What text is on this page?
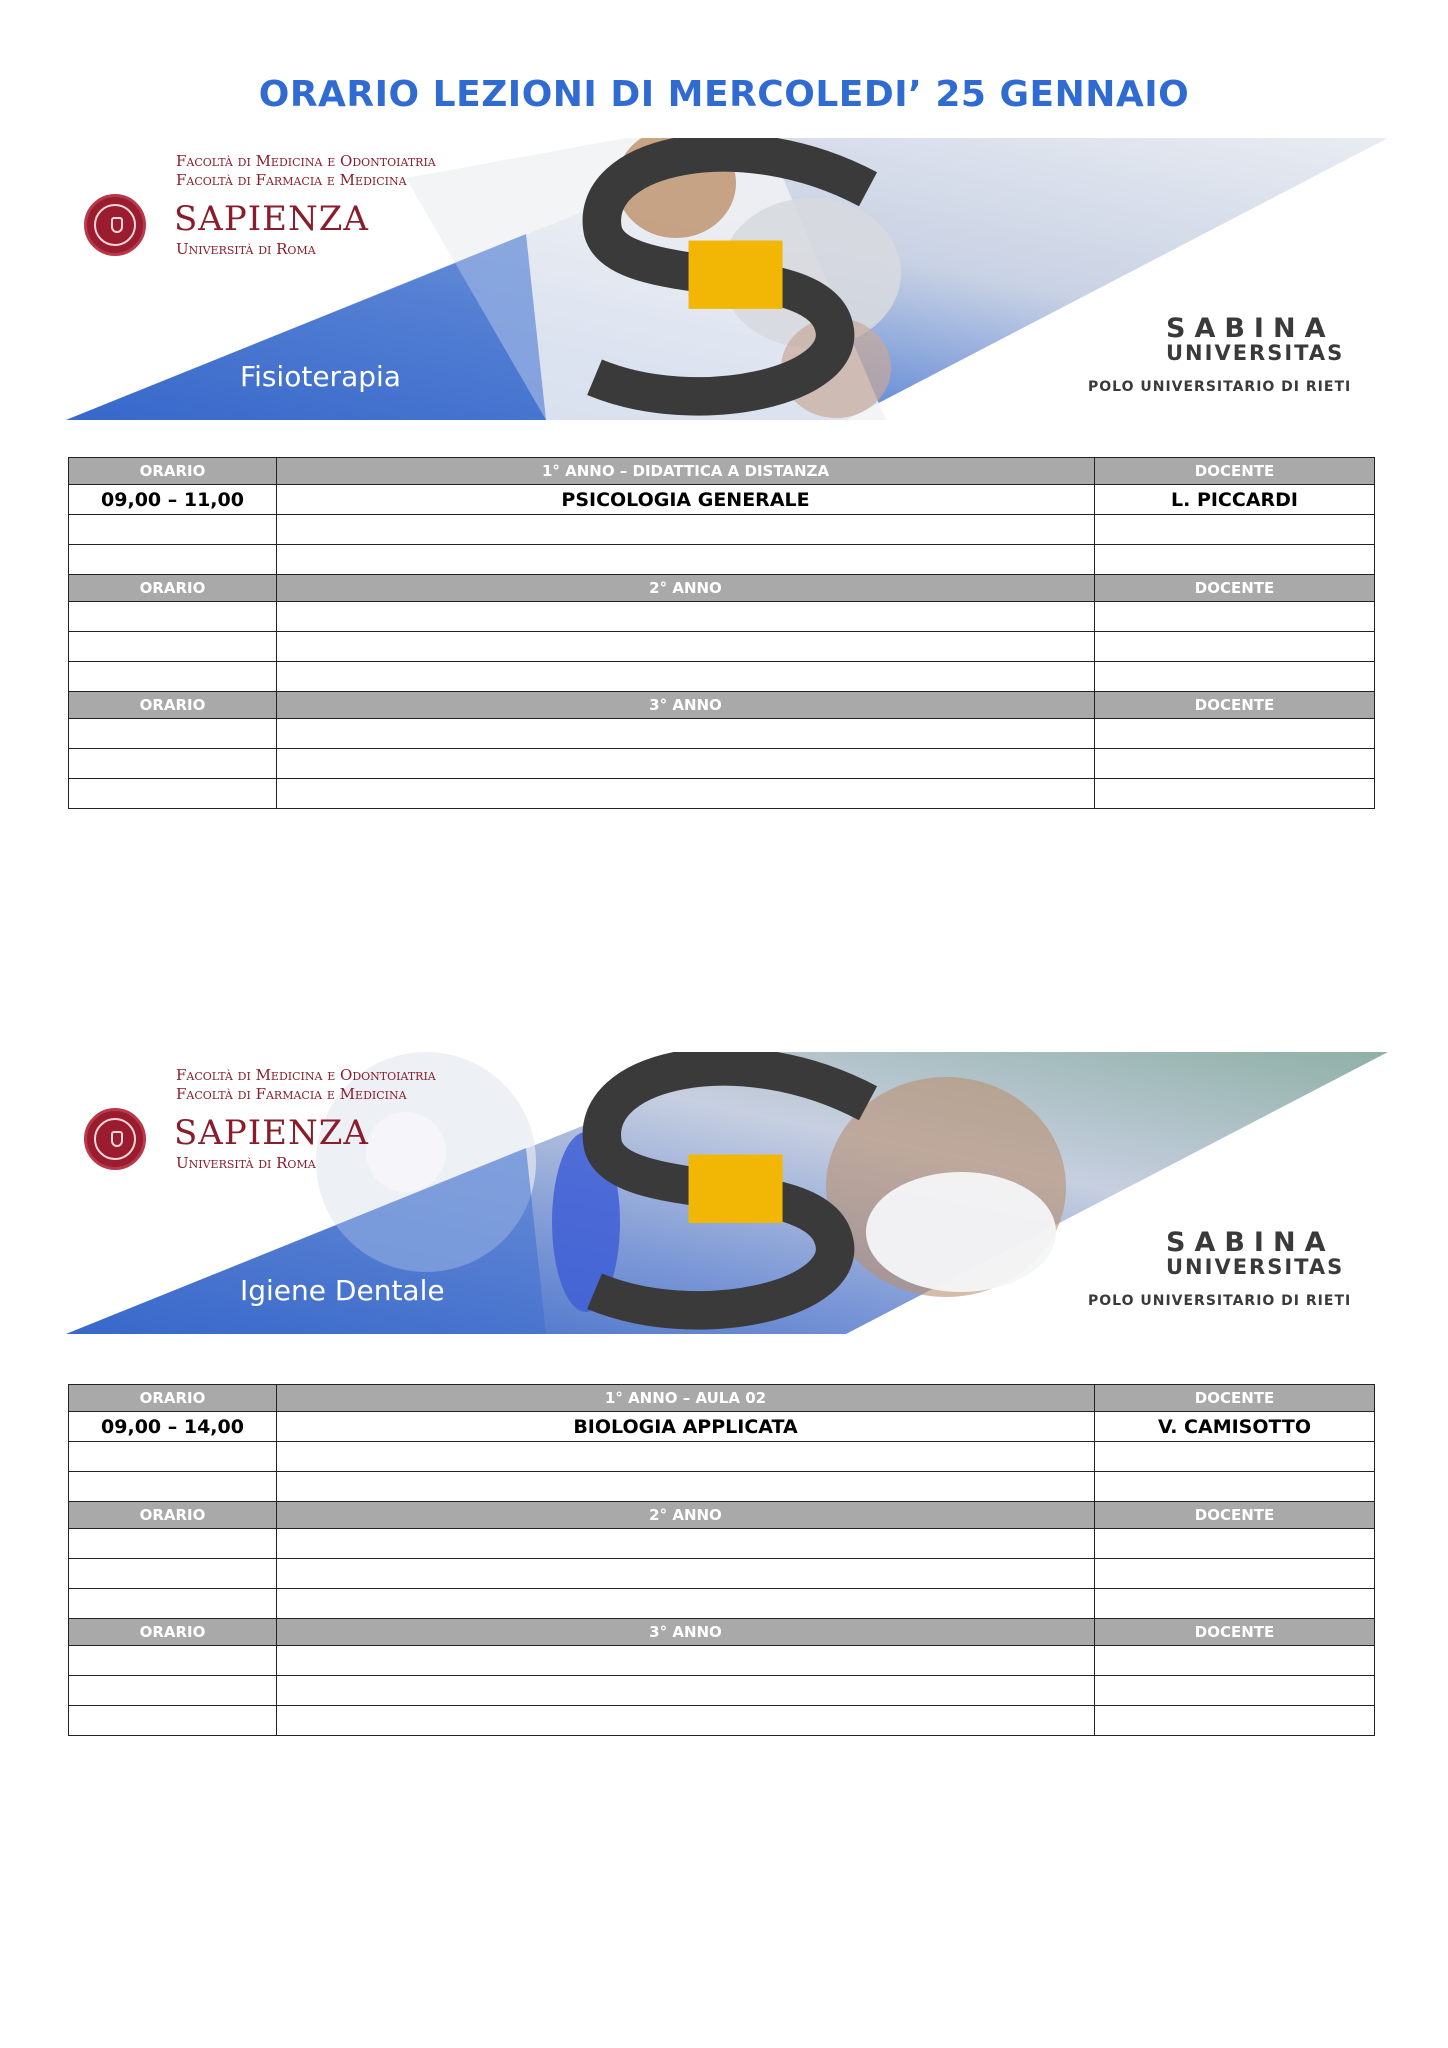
ORARIO LEZIONI DI MERCOLEDI’ 25 GENNAIO
Facoltà di Medicina e Odontoiatria
Facoltà di Farmacia e Medicina
SAPIENZA
Università di Roma
Fisioterapia
SABINA
UNIVERSITAS
POLO UNIVERSITARIO DI RIETI
ORARIO	1° ANNO – DIDATTICA A DISTANZA	DOCENTE
09,00 – 11,00	PSICOLOGIA GENERALE	L. PICCARDI

ORARIO	2° ANNO	DOCENTE

ORARIO	3° ANNO	DOCENTE

Facoltà di Medicina e Odontoiatria
Facoltà di Farmacia e Medicina
SAPIENZA
Università di Roma
Igiene Dentale
SABINA
UNIVERSITAS
POLO UNIVERSITARIO DI RIETI
ORARIO	1° ANNO – AULA 02	DOCENTE
09,00 – 14,00	BIOLOGIA APPLICATA	V. CAMISOTTO

ORARIO	2° ANNO	DOCENTE

ORARIO	3° ANNO	DOCENTE
